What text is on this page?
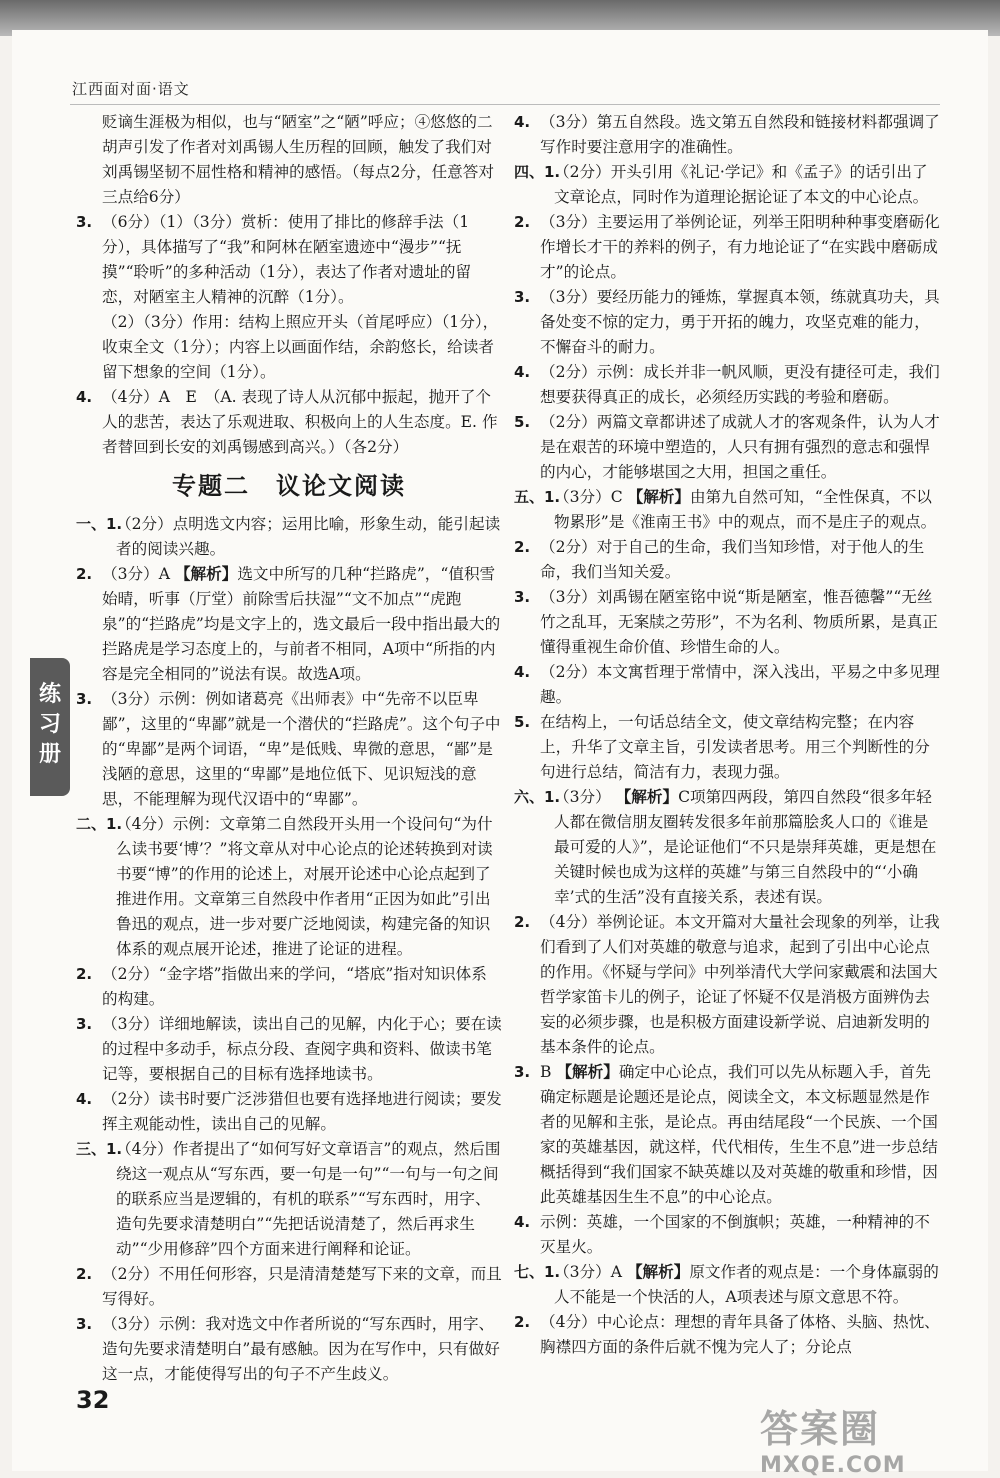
江西面对面·语文
练习册

贬谪生涯极为相似，也与“陋室”之“陋”呼应；④悠悠的二胡声引发了作者对刘禹锡人生历程的回顾，触发了我们对刘禹锡坚韧不屈性格和精神的感悟。（每点2分，任意答对三点给6分）

3. （6分）（1）（3分）赏析：使用了排比的修辞手法（1分），具体描写了“我”和阿林在陋室遗迹中“漫步”“抚摸”“聆听”的多种活动（1分），表达了作者对遗址的留恋，对陋室主人精神的沉醉（1分）。
（2）（3分）作用：结构上照应开头（首尾呼应）（1分），收束全文（1分）；内容上以画面作结，余韵悠长，给读者留下想象的空间（1分）。
4. （4分）A　E　（A. 表现了诗人从沉郁中振起，抛开了个人的悲苦，表达了乐观进取、积极向上的人生态度。E. 作者替回到长安的刘禹锡感到高兴。）（各2分）
专题二　议论文阅读
一、1.
（2分）点明选文内容；运用比喻，形象生动，能引起读者的阅读兴趣。
2. （3分）A 【解析】选文中所写的几种“拦路虎”，“值积雪始晴，听事（厅堂）前除雪后扶湿”“文不加点”“虎跑泉”的“拦路虎”均是文字上的，选文最后一段中指出最大的拦路虎是学习态度上的，与前者不相同，A项中“所指的内容是完全相同的”说法有误。故选A项。
3. （3分）示例：例如诸葛亮《出师表》中“先帝不以臣卑鄙”，这里的“卑鄙”就是一个潜伏的“拦路虎”。这个句子中的“卑鄙”是两个词语，“卑”是低贱、卑微的意思，“鄙”是浅陋的意思，这里的“卑鄙”是地位低下、见识短浅的意思，不能理解为现代汉语中的“卑鄙”。
二、1.
（4分）示例：文章第二自然段开头用一个设问句“为什么读书要‘博’？”将文章从对中心论点的论述转换到对读书要“博”的作用的论述上，对展开论述中心论点起到了推进作用。文章第三自然段中作者用“正因为如此”引出鲁迅的观点，进一步对要广泛地阅读，构建完备的知识体系的观点展开论述，推进了论证的进程。
2. （2分）“金字塔”指做出来的学问，“塔底”指对知识体系的构建。
3. （3分）详细地解读，读出自己的见解，内化于心；要在读的过程中多动手，标点分段、查阅字典和资料、做读书笔记等，要根据自己的目标有选择地读书。
4. （2分）读书时要广泛涉猎但也要有选择地进行阅读；要发挥主观能动性，读出自己的见解。
三、1.
（4分）作者提出了“如何写好文章语言”的观点，然后围绕这一观点从“写东西，要一句是一句”“一句与一句之间的联系应当是逻辑的，有机的联系”“写东西时，用字、造句先要求清楚明白”“先把话说清楚了，然后再求生动”“少用修辞”四个方面来进行阐释和论证。
2. （2分）不用任何形容，只是清清楚楚写下来的文章，而且写得好。
3. （3分）示例：我对选文中作者所说的“写东西时，用字、造句先要求清楚明白”最有感触。因为在写作中，只有做好这一点，才能使得写出的句子不产生歧义。
4. （3分）第五自然段。选文第五自然段和链接材料都强调了写作时要注意用字的准确性。
四、1.
（2分）开头引用《礼记·学记》和《孟子》的话引出了文章论点，同时作为道理论据论证了本文的中心论点。
2. （3分）主要运用了举例论证，列举王阳明种种事变磨砺化作增长才干的养料的例子，有力地论证了“在实践中磨砺成才”的论点。
3. （3分）要经历能力的锤炼，掌握真本领，练就真功夫，具备处变不惊的定力，勇于开拓的魄力，攻坚克难的能力，不懈奋斗的耐力。
4. （2分）示例：成长并非一帆风顺，更没有捷径可走，我们想要获得真正的成长，必须经历实践的考验和磨砺。
5. （2分）两篇文章都讲述了成就人才的客观条件，认为人才是在艰苦的环境中塑造的，人只有拥有强烈的意志和强悍的内心，才能够堪国之大用，担国之重任。
五、1.
（3分）C 【解析】由第九自然可知，“全性保真，不以物累形”是《淮南王书》中的观点，而不是庄子的观点。
2. （2分）对于自己的生命，我们当知珍惜，对于他人的生命，我们当知关爱。
3. （3分）刘禹锡在陋室铭中说“斯是陋室，惟吾德馨”“无丝竹之乱耳，无案牍之劳形”，不为名利、物质所累，是真正懂得重视生命价值、珍惜生命的人。
4. （2分）本文寓哲理于常情中，深入浅出，平易之中多见理趣。
5. 在结构上，一句话总结全文，使文章结构完整；在内容上，升华了文章主旨，引发读者思考。用三个判断性的分句进行总结，简洁有力，表现力强。
六、1.
（3分） 【解析】C项第四两段，第四自然段“很多年轻人都在微信朋友圈转发很多年前那篇脍炙人口的《谁是最可爱的人》”，是论证他们“不只是崇拜英雄，更是想在关键时候也成为这样的英雄”与第三自然段中的“‘小确幸’式的生活”没有直接关系，表述有误。
2. （4分）举例论证。本文开篇对大量社会现象的列举，让我们看到了人们对英雄的敬意与追求，起到了引出中心论点的作用。《怀疑与学问》中列举清代大学问家戴震和法国大哲学家笛卡儿的例子，论证了怀疑不仅是消极方面辨伪去妄的必须步骤，也是积极方面建设新学说、启迪新发明的基本条件的论点。
3. B 【解析】确定中心论点，我们可以先从标题入手，首先确定标题是论题还是论点，阅读全文，本文标题显然是作者的见解和主张，是论点。再由结尾段“一个民族、一个国家的英雄基因，就这样，代代相传，生生不息”进一步总结概括得到“我们国家不缺英雄以及对英雄的敬重和珍惜，因此英雄基因生生不息”的中心论点。
4. 示例：英雄，一个国家的不倒旗帜；英雄，一种精神的不灭星火。
七、1.
（3分）A 【解析】原文作者的观点是：一个身体羸弱的人不能是一个快活的人，A项表述与原文意思不符。
2. （4分）中心论点：理想的青年具备了体格、头脑、热忱、胸襟四方面的条件后就不愧为完人了；分论点
32
答案圈
MXQE.COM
